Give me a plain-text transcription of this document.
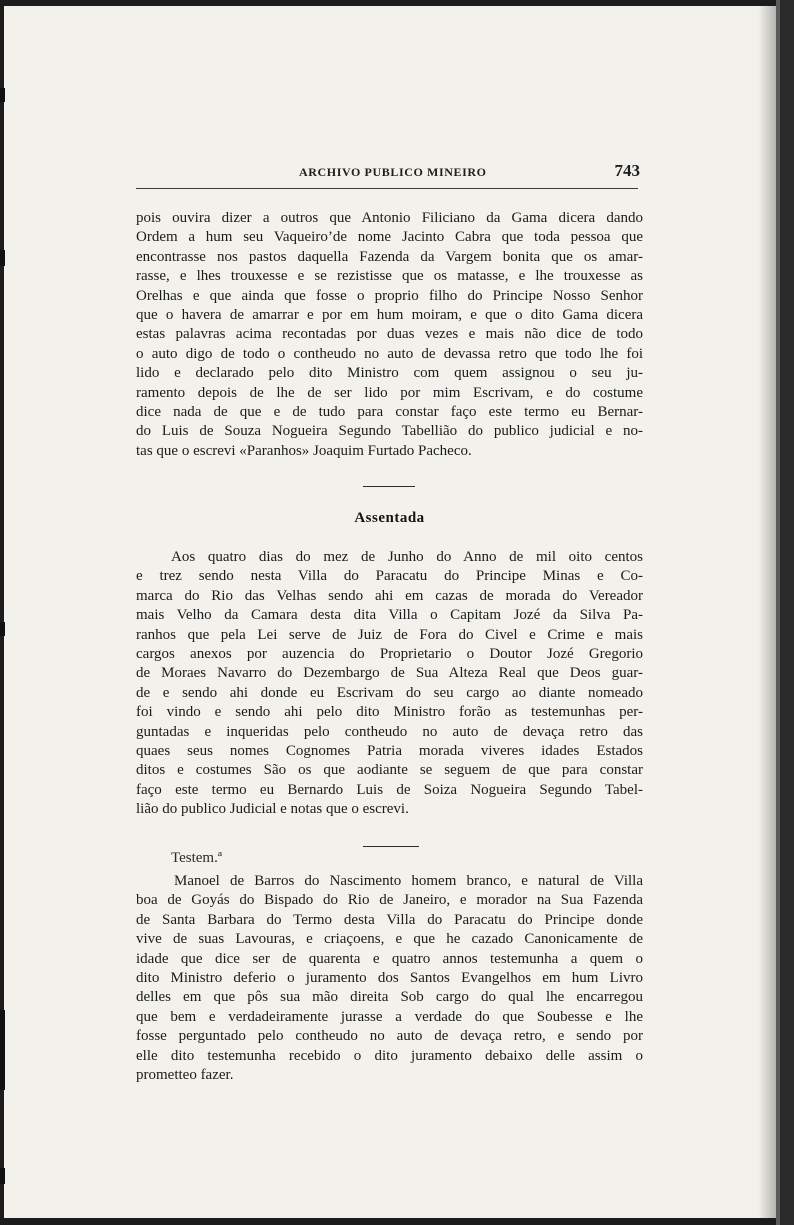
ARCHIVO PUBLICO MINEIRO	743
pois ouvira dizer a outros que Antonio Filiciano da Gama dicera dando
Ordem a hum seu Vaqueiro’de nome Jacinto Cabra que toda pessoa que
encontrasse nos pastos daquella Fazenda da Vargem bonita que os amar-
rasse, e lhes trouxesse e se rezistisse que os matasse, e lhe trouxesse as
Orelhas e que ainda que fosse o proprio filho do Principe Nosso Senhor
que o havera de amarrar e por em hum moiram, e que o dito Gama dicera
estas palavras acima recontadas por duas vezes e mais não dice de todo
o auto digo de todo o contheudo no auto de devassa retro que todo lhe foi
lido e declarado pelo dito Ministro com quem assignou o seu ju-
ramento depois de lhe de ser lido por mim Escrivam, e do costume
dice nada de que e de tudo para constar faço este termo eu Bernar-
do Luis de Souza Nogueira Segundo Tabellião do publico judicial e no-
tas que o escrevi «Paranhos» Joaquim Furtado Pacheco.
Assentada
Aos quatro dias do mez de Junho do Anno de mil oito centos
e trez sendo nesta Villa do Paracatu do Principe Minas e Co-
marca do Rio das Velhas sendo ahi em cazas de morada do Vereador
mais Velho da Camara desta dita Villa o Capitam Jozé da Silva Pa-
ranhos que pela Lei serve de Juiz de Fora do Civel e Crime e mais
cargos anexos por auzencia do Proprietario o Doutor Jozé Gregorio
de Moraes Navarro do Dezembargo de Sua Alteza Real que Deos guar-
de e sendo ahi donde eu Escrivam do seu cargo ao diante nomeado
foi vindo e sendo ahi pelo dito Ministro forão as testemunhas per-
guntadas e inqueridas pelo contheudo no auto de devaça retro das
quaes seus nomes Cognomes Patria morada viveres idades Estados
ditos e costumes São os que aodiante se seguem de que para constar
faço este termo eu Bernardo Luis de Soiza Nogueira Segundo Tabel-
lião do publico Judicial e notas que o escrevi.
Testem.ª
Manoel de Barros do Nascimento homem branco, e natural de Villa
boa de Goyás do Bispado do Rio de Janeiro, e morador na Sua Fazenda
de Santa Barbara do Termo desta Villa do Paracatu do Principe donde
vive de suas Lavouras, e criaçoens, e que he cazado Canonicamente de
idade que dice ser de quarenta e quatro annos testemunha a quem o
dito Ministro deferio o juramento dos Santos Evangelhos em hum Livro
delles em que pôs sua mão direita Sob cargo do qual lhe encarregou
que bem e verdadeiramente jurasse a verdade do que Soubesse e lhe
fosse perguntado pelo contheudo no auto de devaça retro, e sendo por
elle dito testemunha recebido o dito juramento debaixo delle assim o
prometteo fazer.
